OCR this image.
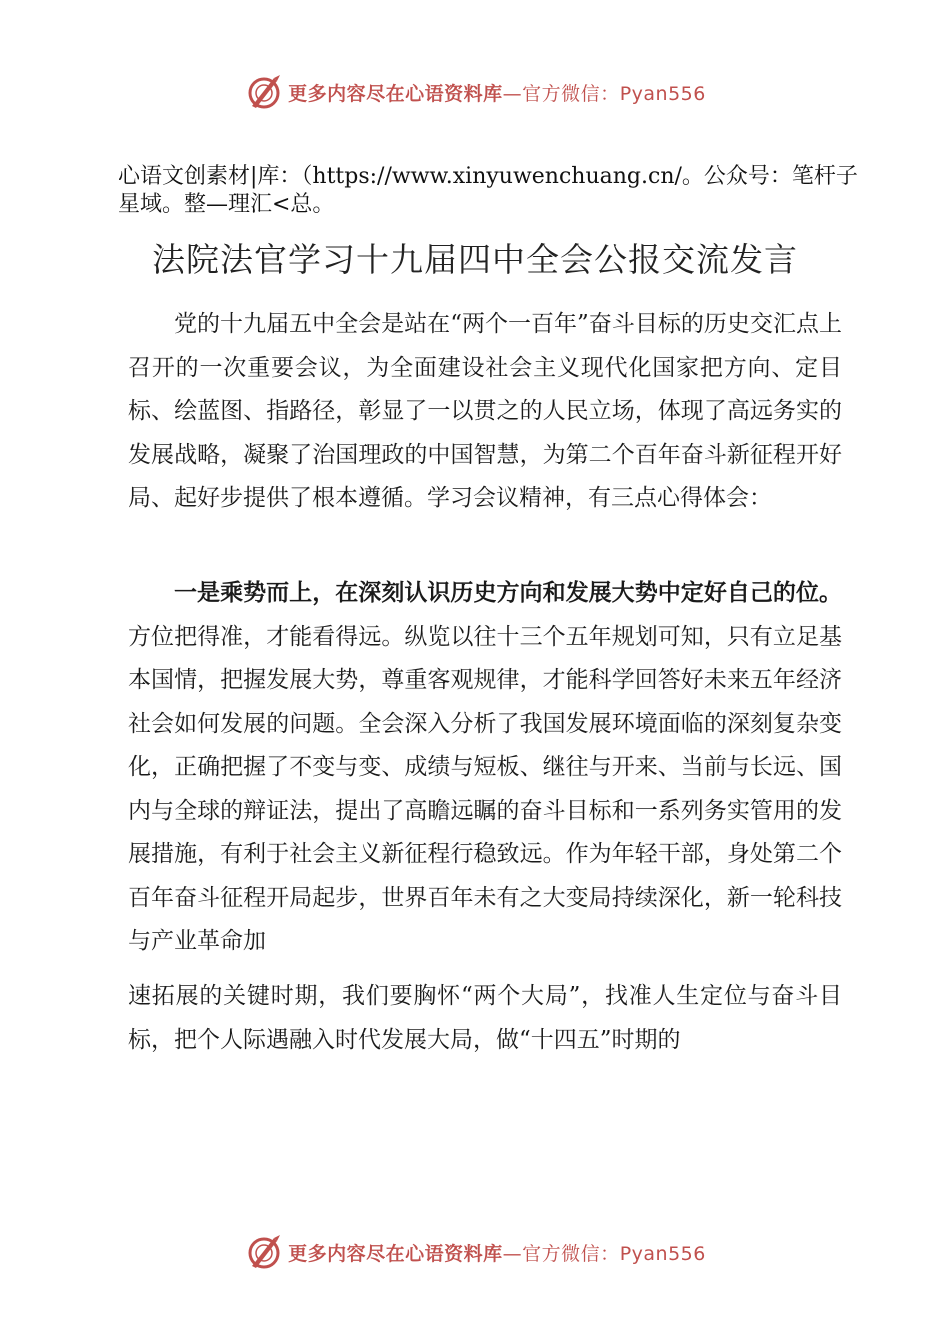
更多内容尽在心语资料库—官方微信：Pyan556
心语文创素材|库：（https://www.xinyuwenchuang.cn/。公众号：笔杆子星域。整—理汇<总。
法院法官学习十九届四中全会公报交流发言

党的十九届五中全会是站在“两个一百年”奋斗目标的历史交汇点上召开的一次重要会议，为全面建设社会主义现代化国家把方向、定目标、绘蓝图、指路径，彰显了一以贯之的人民立场，体现了高远务实的发展战略，凝聚了治国理政的中国智慧，为第二个百年奋斗新征程开好局、起好步提供了根本遵循。学习会议精神，有三点心得体会：

一是乘势而上，在深刻认识历史方向和发展大势中定好自己的位。方位把得准，才能看得远。纵览以往十三个五年规划可知，只有立足基本国情，把握发展大势，尊重客观规律，才能科学回答好未来五年经济社会如何发展的问题。全会深入分析了我国发展环境面临的深刻复杂变化，正确把握了不变与变、成绩与短板、继往与开来、当前与长远、国内与全球的辩证法，提出了高瞻远瞩的奋斗目标和一系列务实管用的发展措施，有利于社会主义新征程行稳致远。作为年轻干部，身处第二个百年奋斗征程开局起步，世界百年未有之大变局持续深化，新一轮科技与产业革命加

速拓展的关键时期，我们要胸怀“两个大局”，找准人生定位与奋斗目标，把个人际遇融入时代发展大局，做“十四五”时期的

更多内容尽在心语资料库—官方微信：Pyan556
